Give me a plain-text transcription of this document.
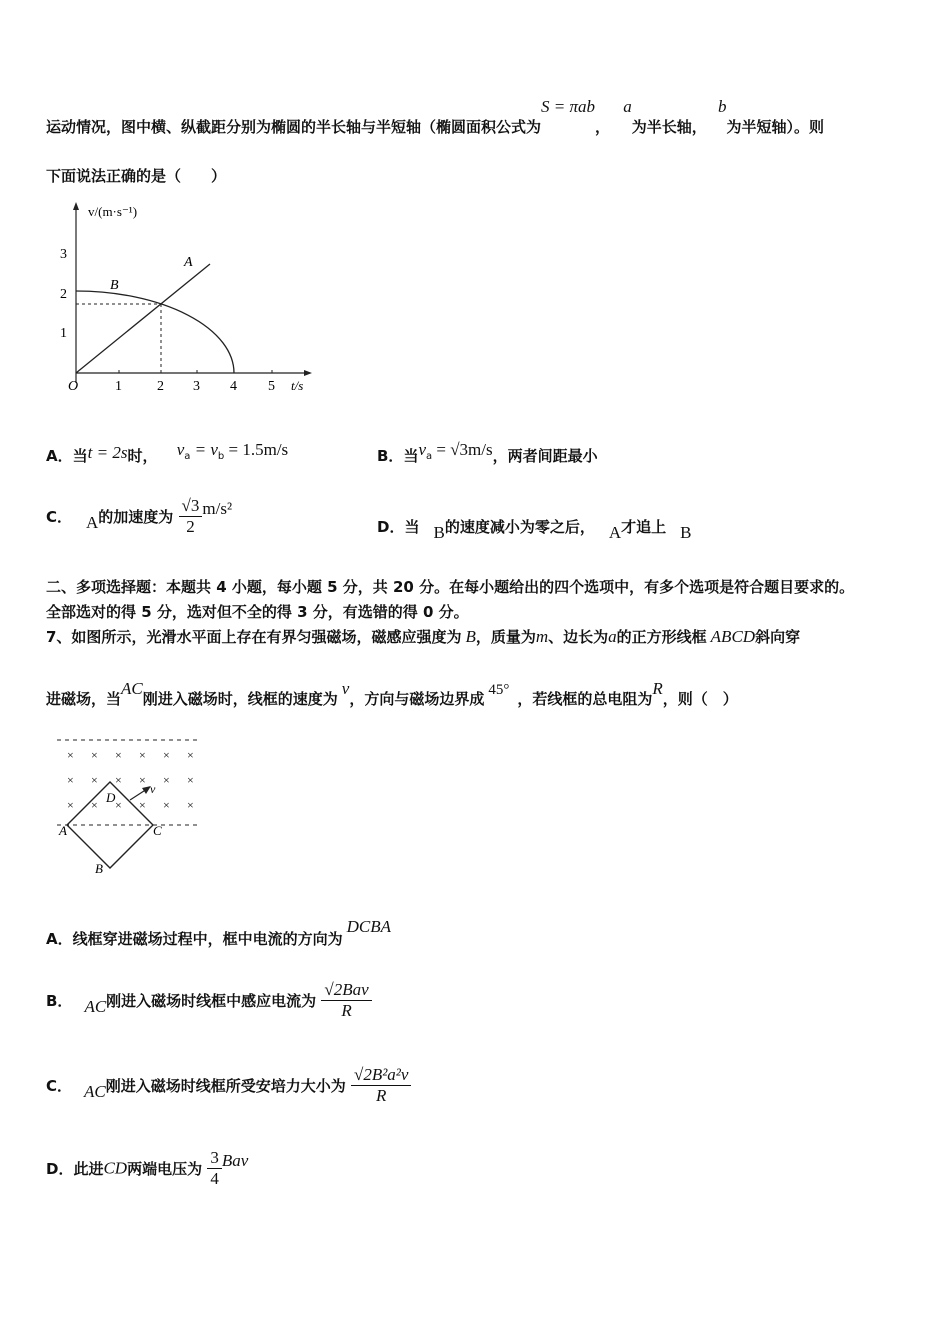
运动情况，图中横、纵截距分别为椭圆的半长轴与半短轴（椭圆面积公式为S = πab， a为半长轴， b为半短轴）。则
下面说法正确的是（　　）
v/(m·s⁻¹)
t/s
O	1	2 3 4 5
1
2
3
A
B
A．当t = 2s时， $v_a = v_b = 1.5m/s$	B．当$v_a = √3m/s$，两者间距最小
C． A的加速度为 $\frac{√3}{2} m/s^2$
D．当 B的速度减小为零之后， A才追上 B
二、多项选择题：本题共 4 小题，每小题 5 分，共 20 分。在每小题给出的四个选项中，有多个选项是符合题目要求的。
全部选对的得 5 分，选对但不全的得 3 分，有选错的得 0 分。
7、如图所示，光滑水平面上存在有界匀强磁场，磁感应强度为 B，质量为m、边长为a的正方形线框 ABCD斜向穿
进磁场，当AC刚进入磁场时，线框的速度为v，方向与磁场边界成 45° ，若线框的总电阻为R，则（　）
× × × × × ×
× × × × × ×
× × × × × ×
A
B
C
D
v
A．线框穿进磁场过程中，框中电流的方向为DCBA
B． AC刚进入磁场时线框中感应电流为 $\frac{\text{√2Bav}}{R}$
C． AC刚进入磁场时线框所受安培力大小为 $\frac{\text{√2B²a²v}}{R}$
D．此进CD两端电压为 $\frac{3}{4}$ Bav
